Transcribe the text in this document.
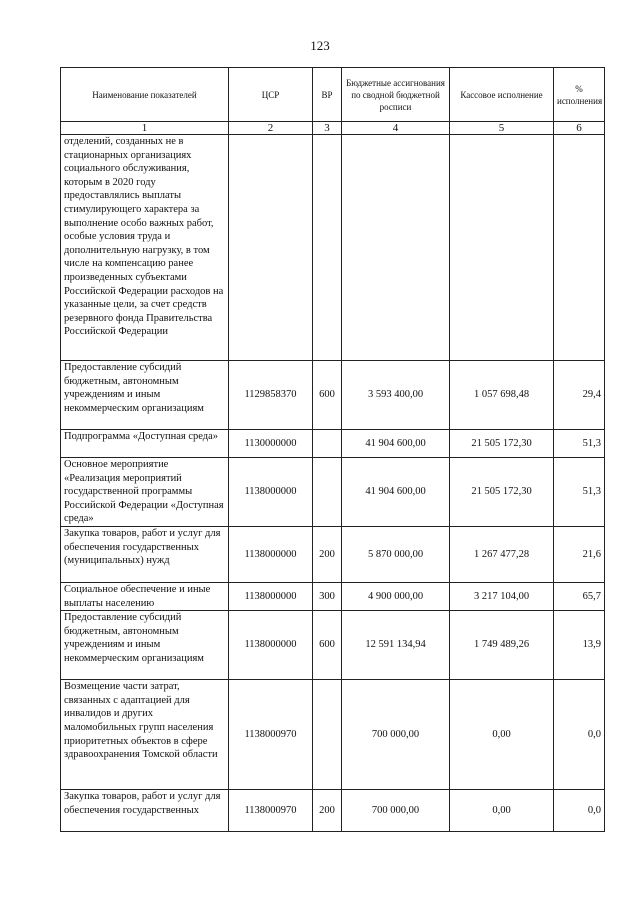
123
Наименование показателей	ЦСР	ВР	Бюджетные ассигнования по сводной бюджетной росписи	Кассовое исполнение	% исполнения
1	2	3	4	5	6
отделений, созданных не в стационарных организациях социального обслуживания, которым в 2020 году предоставлялись выплаты стимулирующего характера за выполнение особо важных работ, особые условия труда и дополнительную нагрузку, в том числе на компенсацию ранее произведенных субъектами Российской Федерации расходов на указанные цели, за счет средств резервного фонда Правительства Российской Федерации					
Предоставление субсидий бюджетным, автономным учреждениям и иным некоммерческим организациям	1129858370	600	3 593 400,00	1 057 698,48	29,4
Подпрограмма «Доступная среда»	1130000000		41 904 600,00	21 505 172,30	51,3
Основное мероприятие «Реализация мероприятий государственной программы Российской Федерации «Доступная среда»	1138000000		41 904 600,00	21 505 172,30	51,3
Закупка товаров, работ и услуг для обеспечения государственных (муниципальных) нужд	1138000000	200	5 870 000,00	1 267 477,28	21,6
Социальное обеспечение и иные выплаты населению	1138000000	300	4 900 000,00	3 217 104,00	65,7
Предоставление субсидий бюджетным, автономным учреждениям и иным некоммерческим организациям	1138000000	600	12 591 134,94	1 749 489,26	13,9
Возмещение части затрат, связанных с адаптацией для инвалидов и других маломобильных групп населения приоритетных объектов в сфере здравоохранения Томской области	1138000970		700 000,00	0,00	0,0
Закупка товаров, работ и услуг для обеспечения государственных	1138000970	200	700 000,00	0,00	0,0
